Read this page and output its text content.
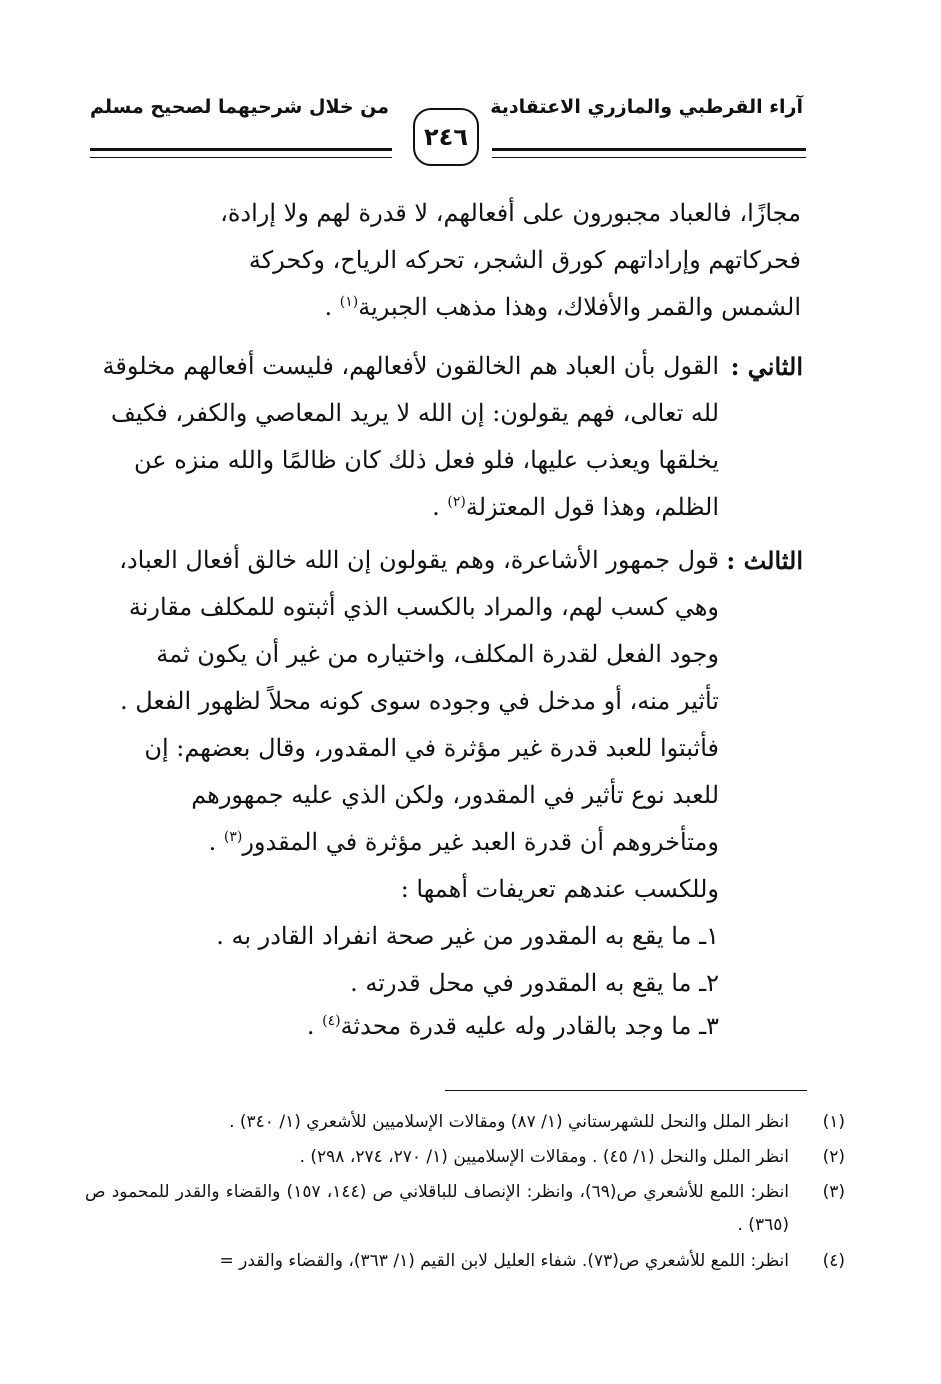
آراء القرطبي والمازري الاعتقادية
من خلال شرحيهما لصحيح مسلم
٢٤٦
مجازًا، فالعباد مجبورون على أفعالهم، لا قدرة لهم ولا إرادة،
فحركاتهم وإراداتهم كورق الشجر، تحركه الرياح، وكحركة
الشمس والقمر والأفلاك، وهذا مذهب الجبرية$^{(١)}$ .
الثاني :
القول بأن العباد هم الخالقون لأفعالهم، فليست أفعالهم مخلوقة
لله تعالى، فهم يقولون: إن الله لا يريد المعاصي والكفر، فكيف
يخلقها ويعذب عليها، فلو فعل ذلك كان ظالمًا والله منزه عن
الظلم، وهذا قول المعتزلة$^{(٢)}$ .
الثالث :
قول جمهور الأشاعرة، وهم يقولون إن الله خالق أفعال العباد،
وهي كسب لهم، والمراد بالكسب الذي أثبتوه للمكلف مقارنة
وجود الفعل لقدرة المكلف، واختياره من غير أن يكون ثمة
تأثير منه، أو مدخل في وجوده سوى كونه محلاً لظهور الفعل .
فأثبتوا للعبد قدرة غير مؤثرة في المقدور، وقال بعضهم: إن
للعبد نوع تأثير في المقدور، ولكن الذي عليه جمهورهم
ومتأخروهم أن قدرة العبد غير مؤثرة في المقدور$^{(٣)}$ .
وللكسب عندهم تعريفات أهمها :
١ـ ما يقع به المقدور من غير صحة انفراد القادر به .
٢ـ ما يقع به المقدور في محل قدرته .
٣ـ ما وجد بالقادر وله عليه قدرة محدثة$^{(٤)}$ .
(١)
انظر الملل والنحل للشهرستاني (١/ ٨٧) ومقالات الإسلاميين للأشعري (١/ ٣٤٠) .
(٢)
انظر الملل والنحل (١/ ٤٥) . ومقالات الإسلاميين (١/ ٢٧٠، ٢٧٤، ٢٩٨) .
(٣)
انظر: اللمع للأشعري ص(٦٩)، وانظر: الإنصاف للباقلاني ص (١٤٤، ١٥٧) والقضاء والقدر للمحمود ص (٣٦٥) .
(٤)
انظر: اللمع للأشعري ص(٧٣). شفاء العليل لابن القيم (١/ ٣٦٣)، والقضاء والقدر =
